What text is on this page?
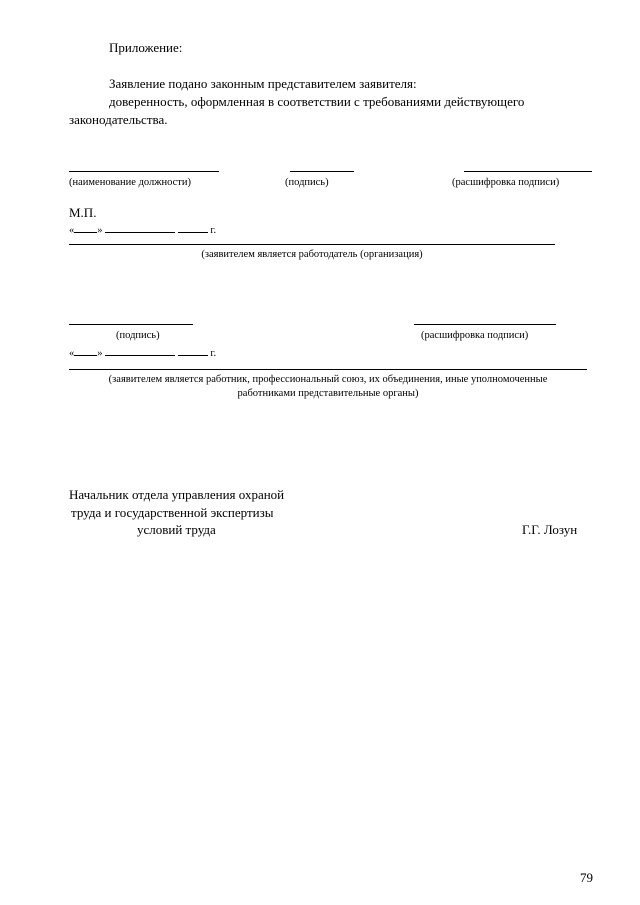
Приложение:
Заявление подано законным представителем заявителя:
доверенность, оформленная в соответствии с требованиями действующего
законодательства.
(наименование должности)	(подпись)	(расшифровка подписи)
М.П.
« »	г.
(заявителем является работодатель (организация)
(подпись)	(расшифровка подписи)
« »	г.
(заявителем является работник, профессиональный союз, их объединения, иные уполномоченные
работниками представительные органы)
Начальник отдела управления охраной
труда и государственной экспертизы
условий труда	Г.Г. Лозун
79
